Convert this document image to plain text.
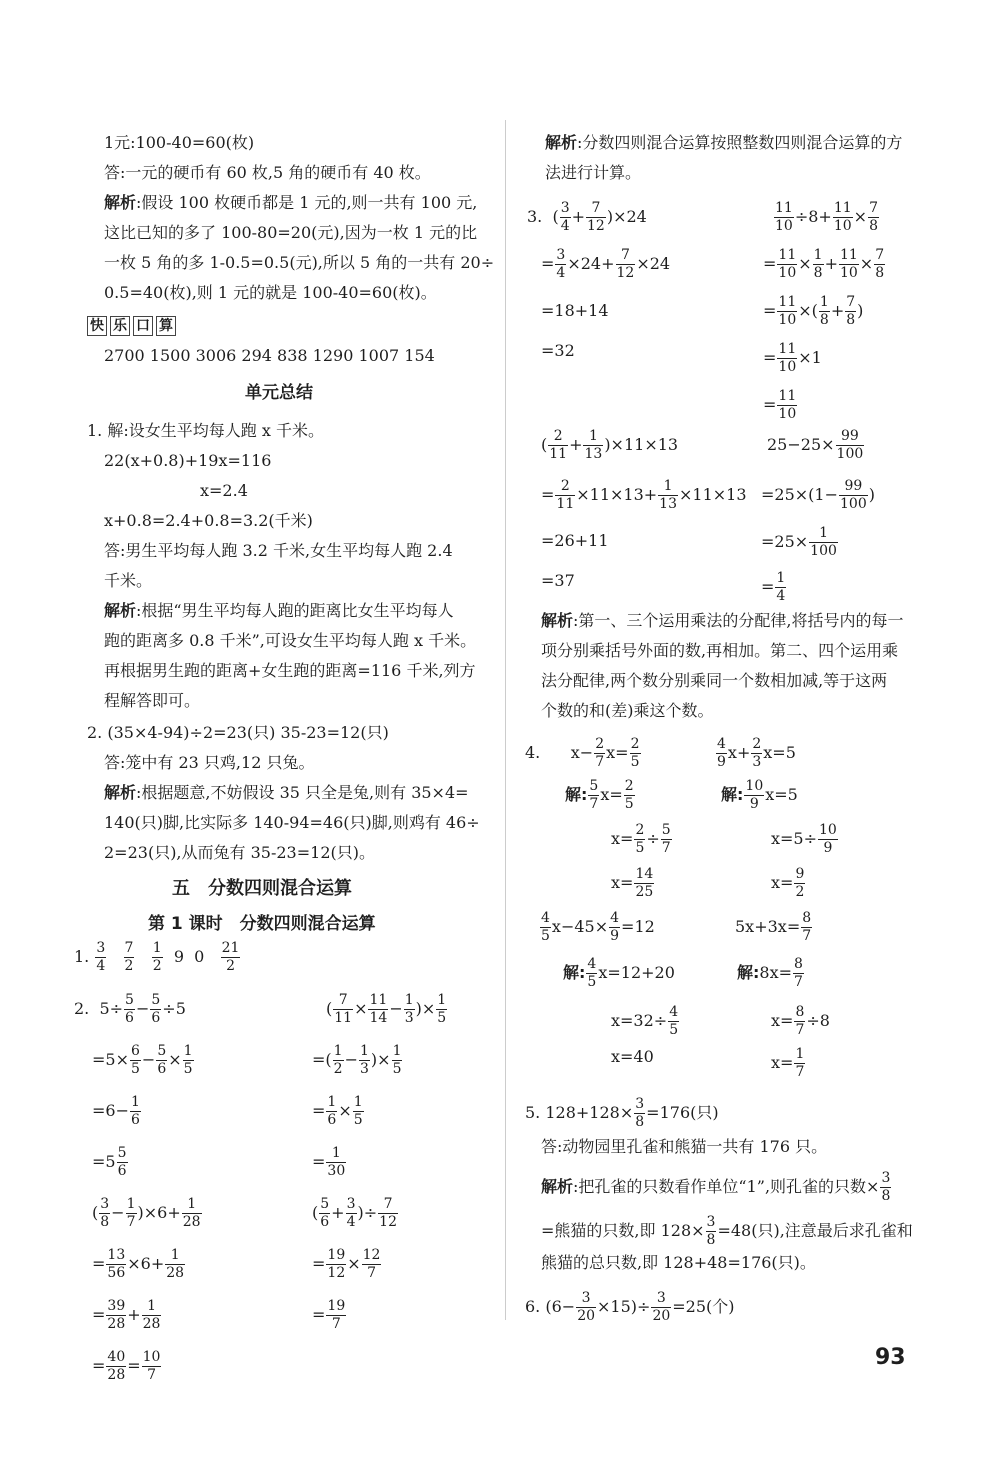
1元:100-40=60(枚)
答:一元的硬币有 60 枚,5 角的硬币有 40 枚。
解析:假设 100 枚硬币都是 1 元的,则一共有 100 元,
这比已知的多了 100-80=20(元),因为一枚 1 元的比
一枚 5 角的多 1-0.5=0.5(元),所以 5 角的一共有 20÷
0.5=40(枚),则 1 元的就是 100-40=60(枚)。
快 乐 口 算
2700 1500 3006 294 838 1290 1007 154
单元总结
1. 解:设女生平均每人跑 x 千米。
22(x+0.8)+19x=116
x=2.4
x+0.8=2.4+0.8=3.2(千米)
答:男生平均每人跑 3.2 千米,女生平均每人跑 2.4
千米。
解析:根据“男生平均每人跑的距离比女生平均每人
跑的距离多 0.8 千米”,可设女生平均每人跑 x 千米。
再根据男生跑的距离+女生跑的距离=116 千米,列方
程解答即可。
2. (35×4-94)÷2=23(只) 35-23=12(只)
答:笼中有 23 只鸡,12 只兔。
解析:根据题意,不妨假设 35 只全是兔,则有 35×4=
140(只)脚,比实际多 140-94=46(只)脚,则鸡有 46÷
2=23(只),从而兔有 35-23=12(只)。
五　分数四则混合运算
第 1 课时　分数四则混合运算
1. $\frac{3}{4}$
$\frac{7}{2}$
$\frac{1}{2} 9$  $0 \frac{21}{2}$
2.  $5\div \frac{5}{6} - \frac{5}{6} \div 5$
$=5\times \frac{6}{5} - \frac{5}{6} \times \frac{1}{5}$
$=6- \frac{1}{6}$
$=5 \frac{5}{6}$
( $\frac{3}{8} - \frac{1}{7} )\times 6+ \frac{1}{28}$
= $\frac{13}{56} \times 6+ \frac{1}{28}$
= $\frac{39}{28} + \frac{1}{28}$
= $\frac{40}{28} = \frac{10}{7}$
( $\frac{7}{11} \times \frac{11}{14} - \frac{1}{3}$ )× $\frac{1}{5}$
=( $\frac{1}{2} - \frac{1}{3}$ )× $\frac{1}{5}$
= $\frac{1}{6} \times \frac{1}{5}$
= $\frac{1}{30}$
( $\frac{5}{6} + \frac{3}{4}$ )÷ $\frac{7}{12}$
= $\frac{19}{12} \times \frac{12}{7}$
= $\frac{19}{7}$
解析:分数四则混合运算按照整数四则混合运算的方
法进行计算。
3.  ( $\frac{3}{4} + \frac{7}{12} )\times 24$
= $\frac{3}{4} \times 24+ \frac{7}{12} \times 24$
=18+14
=32
( $\frac{2}{11} + \frac{1}{13} )\times 11\times 13$
= $\frac{2}{11} \times 11\times 13+ \frac{1}{13} \times 11\times 13$
=26+11
=37
$\frac{11}{10} \div 8+ \frac{11}{10} \times \frac{7}{8}$
= $\frac{11}{10} \times \frac{1}{8} + \frac{11}{10} \times \frac{7}{8}$
= $\frac{11}{10}$ ×( $\frac{1}{8} + \frac{7}{8}$ )
= $\frac{11}{10} \times 1$
= $\frac{11}{10}$
$25-25\times \frac{99}{100}$
$=25\times(1- \frac{99}{100}$ )
$=25\times \frac{1}{100}$
= $\frac{1}{4}$
解析:第一、三个运用乘法的分配律,将括号内的每一
项分别乘括号外面的数,再相加。第二、四个运用乘
法分配律,两个数分别乘同一个数相加减,等于这两
个数的和(差)乘这个数。
4.      $x- \frac{2}{7} x= \frac{2}{5}$	$\frac{4}{9} x+ \frac{2}{3} x=5$
解: $\frac{5}{7} x= \frac{2}{5}$	解: $\frac{10}{9} x=5$
$x= \frac{2}{5} \div \frac{5}{7}$	$x=5\div \frac{10}{9}$
$x= \frac{14}{25}$	$x= \frac{9}{2}$
$\frac{4}{5} x-45\times \frac{4}{9} =12$	$5x+3x= \frac{8}{7}$
解: $\frac{4}{5} x=12+20$	解:8x= $\frac{8}{7}$
$x=32\div \frac{4}{5}$	$x= \frac{8}{7} \div 8$
x=40	$x= \frac{1}{7}$
5. $128+128\times \frac{3}{8} =176$(只)
答:动物园里孔雀和熊猫一共有 176 只。
解析:把孔雀的只数看作单位“1”,则孔雀的只数× $\frac{3}{8}$
=熊猫的只数,即 $128\times \frac{3}{8} =48$(只),注意最后求孔雀和
熊猫的总只数,即 128+48=176(只)。
6. $(6- \frac{3}{20} \times 15)\div \frac{3}{20} =25$(个)
93
